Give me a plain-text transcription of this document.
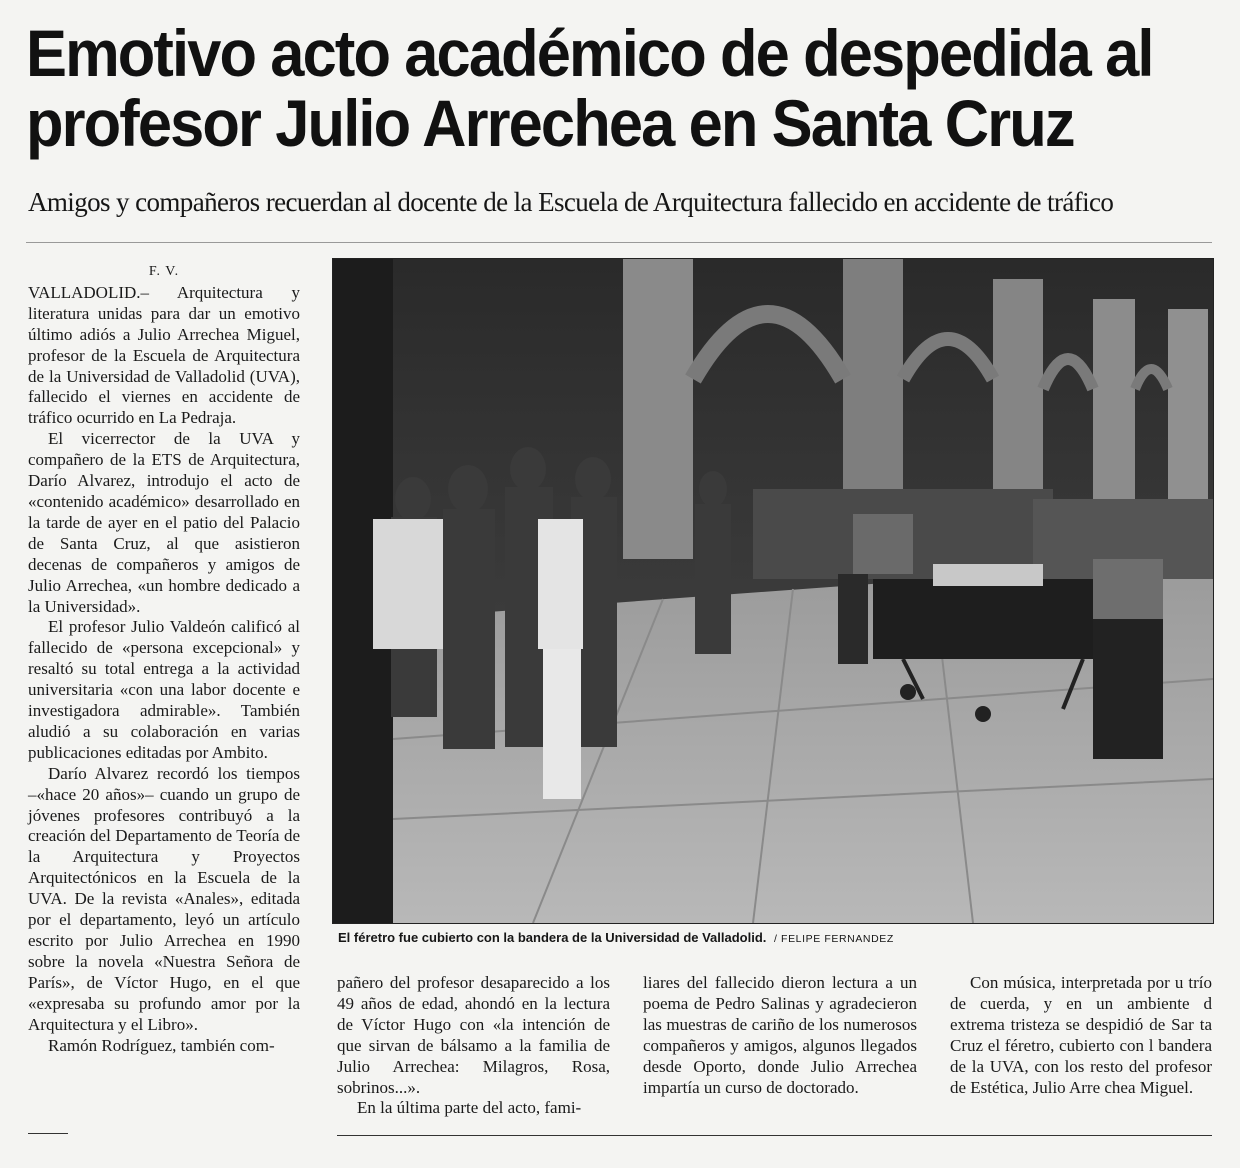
Emotivo acto académico de despedida al
profesor Julio Arrechea en Santa Cruz

Amigos y compañeros recuerdan al docente de la Escuela de Arquitectura fallecido en accidente de tráfico

F. V.

VALLADOLID.– Arquitectura y literatura unidas para dar un emotivo último adiós a Julio Arrechea Miguel, profesor de la Escuela de Arquitectura de la Universidad de Valladolid (UVA), fallecido el viernes en accidente de tráfico ocurrido en La Pedraja.

El vicerrector de la UVA y compañero de la ETS de Arquitectura, Darío Alvarez, introdujo el acto de «contenido académico» desarrollado en la tarde de ayer en el patio del Palacio de Santa Cruz, al que asistieron decenas de compañeros y amigos de Julio Arrechea, «un hombre dedicado a la Universidad».

El profesor Julio Valdeón calificó al fallecido de «persona excepcional» y resaltó su total entrega a la actividad universitaria «con una labor docente e investigadora admirable». También aludió a su colaboración en varias publicaciones editadas por Ambito.

Darío Alvarez recordó los tiempos –«hace 20 años»– cuando un grupo de jóvenes profesores contribuyó a la creación del Departamento de Teoría de la Arquitectura y Proyectos Arquitectónicos en la Escuela de la UVA. De la revista «Anales», editada por el departamento, leyó un artículo escrito por Julio Arrechea en 1990 sobre la novela «Nuestra Señora de París», de Víctor Hugo, en el que «expresaba su profundo amor por la Arquitectura y el Libro».

Ramón Rodríguez, también com-

El féretro fue cubierto con la bandera de la Universidad de Valladolid. / FELIPE FERNANDEZ

pañero del profesor desaparecido a los 49 años de edad, ahondó en la lectura de Víctor Hugo con «la intención de que sirvan de bálsamo a la familia de Julio Arrechea: Milagros, Rosa, sobrinos...».

En la última parte del acto, fami-

liares del fallecido dieron lectura a un poema de Pedro Salinas y agradecieron las muestras de cariño de los numerosos compañeros y amigos, algunos llegados desde Oporto, donde Julio Arrechea impartía un curso de doctorado.

Con música, interpretada por u trío de cuerda, y en un ambiente d extrema tristeza se despidió de Sar ta Cruz el féretro, cubierto con l bandera de la UVA, con los resto del profesor de Estética, Julio Arre chea Miguel.
